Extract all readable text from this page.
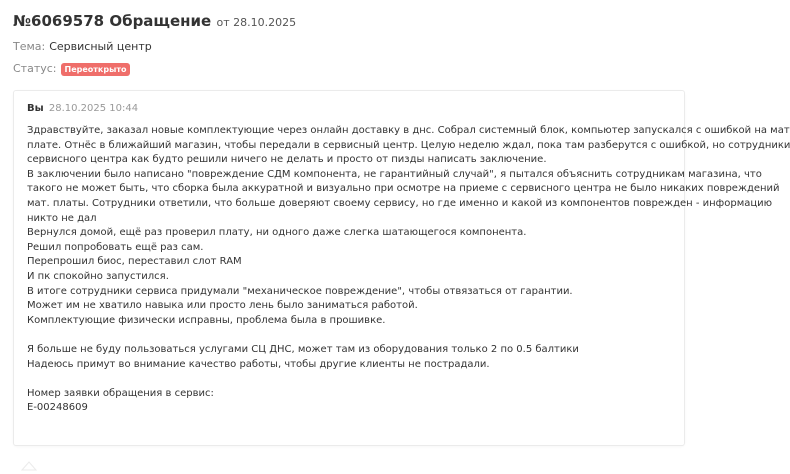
№6069578 Обращение от 28.10.2025
Тема: Сервисный центр
Статус:	Переоткрыто
Вы 28.10.2025 10:44
Здравствуйте, заказал новые комплектующие через онлайн доставку в днс. Собрал системный блок, компьютер запускался с ошибкой на мат
плате. Отнёс в ближайший магазин, чтобы передали в сервисный центр. Целую неделю ждал, пока там разберутся с ошибкой, но сотрудники
сервисного центра как будто решили ничего не делать и просто от пизды написать заключение.
В заключении было написано "повреждение СДМ компонента, не гарантийный случай", я пытался объяснить сотрудникам магазина, что
такого не может быть, что сборка была аккуратной и визуально при осмотре на приеме с сервисного центра не было никаких повреждений
мат. платы. Сотрудники ответили, что больше доверяют своему сервису, но где именно и какой из компонентов поврежден - информацию
никто не дал
Вернулся домой, ещё раз проверил плату, ни одного даже слегка шатающегося компонента.
Решил попробовать ещё раз сам.
Перепрошил биос, переставил слот RAM
И пк спокойно запустился.
В итоге сотрудники сервиса придумали "механическое повреждение", чтобы отвязаться от гарантии.
Может им не хватило навыка или просто лень было заниматься работой.
Комплектующие физически исправны, проблема была в прошивке.
Я больше не буду пользоваться услугами СЦ ДНС, может там из оборудования только 2 по 0.5 балтики
Надеюсь примут во внимание качество работы, чтобы другие клиенты не пострадали.
Номер заявки обращения в сервис:
E-00248609
